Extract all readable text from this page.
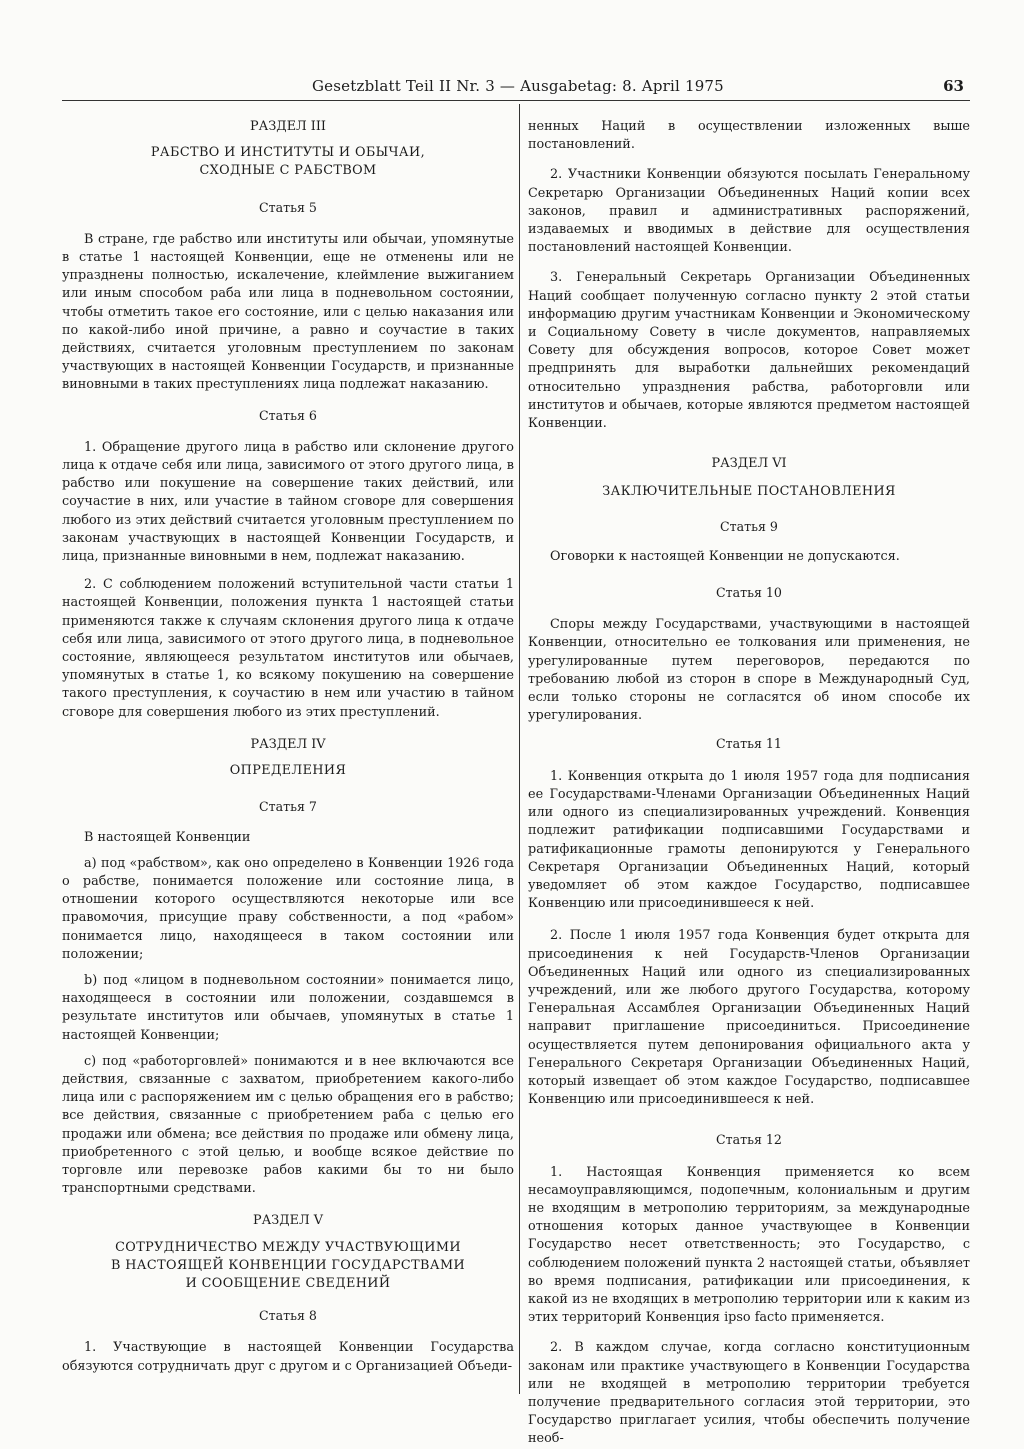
Gesetzblatt Teil II Nr. 3 — Ausgabetag: 8. April 1975	63

РАЗДЕЛ III

РАБСТВО И ИНСТИТУТЫ И ОБЫЧАИ,

СХОДНЫЕ С РАБСТВОМ

Статья 5

В стране, где рабство или институты или обычаи, упомянутые в статье 1 настоящей Конвенции, еще не отменены или не упразднены полностью, искалечение, клеймление выжиганием или иным способом раба или лица в подневольном состоянии, чтобы отметить такое его состояние, или с целью наказания или по какой-либо иной причине, а равно и соучастие в таких действиях, считается уголовным преступлением по законам участвующих в настоящей Конвенции Государств, и признанные виновными в таких преступлениях лица подлежат наказанию.

Статья 6

1. Обращение другого лица в рабство или склонение другого лица к отдаче себя или лица, зависимого от этого другого лица, в рабство или покушение на совершение таких действий, или соучастие в них, или участие в тайном сговоре для совершения любого из этих действий считается уголовным преступлением по законам участвующих в настоящей Конвенции Государств, и лица, признанные виновными в нем, подлежат наказанию.

2. С соблюдением положений вступительной части статьи 1 настоящей Конвенции, положения пункта 1 настоящей статьи применяются также к случаям склонения другого лица к отдаче себя или лица, зависимого от этого другого лица, в подневольное состояние, являющееся результатом институтов или обычаев, упомянутых в статье 1, ко всякому покушению на совершение такого преступления, к соучастию в нем или участию в тайном сговоре для совершения любого из этих преступлений.

РАЗДЕЛ IV

ОПРЕДЕЛЕНИЯ

Статья 7

В настоящей Конвенции

a) под «рабством», как оно определено в Конвенции 1926 года о рабстве, понимается положение или состояние лица, в отношении которого осуществляются некоторые или все правомочия, присущие праву собственности, а под «рабом» понимается лицо, находящееся в таком состоянии или положении;

b) под «лицом в подневольном состоянии» понимается лицо, находящееся в состоянии или положении, создавшемся в результате институтов или обычаев, упомянутых в статье 1 настоящей Конвенции;

c) под «работорговлей» понимаются и в нее включаются все действия, связанные с захватом, приобретением какого-либо лица или с распоряжением им с целью обращения его в рабство; все действия, связанные с приобретением раба с целью его продажи или обмена; все действия по продаже или обмену лица, приобретенного с этой целью, и вообще всякое действие по торговле или перевозке рабов какими бы то ни было транспортными средствами.

РАЗДЕЛ V

СОТРУДНИЧЕСТВО МЕЖДУ УЧАСТВУЮЩИМИ

В НАСТОЯЩЕЙ КОНВЕНЦИИ ГОСУДАРСТВАМИ

И СООБЩЕНИЕ СВЕДЕНИЙ

Статья 8

1. Участвующие в настоящей Конвенции Государства обязуются сотрудничать друг с другом и с Организацией Объеди-

ненных Наций в осуществлении изложенных выше постановлений.

2. Участники Конвенции обязуются посылать Генеральному Секретарю Организации Объединенных Наций копии всех законов, правил и административных распоряжений, издаваемых и вводимых в действие для осуществления постановлений настоящей Конвенции.

3. Генеральный Секретарь Организации Объединенных Наций сообщает полученную согласно пункту 2 этой статьи информацию другим участникам Конвенции и Экономическому и Социальному Совету в числе документов, направляемых Совету для обсуждения вопросов, которое Совет может предпринять для выработки дальнейших рекомендаций относительно упразднения рабства, работорговли или институтов и обычаев, которые являются предметом настоящей Конвенции.

РАЗДЕЛ VI

ЗАКЛЮЧИТЕЛЬНЫЕ ПОСТАНОВЛЕНИЯ

Статья 9

Оговорки к настоящей Конвенции не допускаются.

Статья 10

Споры между Государствами, участвующими в настоящей Конвенции, относительно ее толкования или применения, не урегулированные путем переговоров, передаются по требованию любой из сторон в споре в Международный Суд, если только стороны не согласятся об ином способе их урегулирования.

Статья 11

1. Конвенция открыта до 1 июля 1957 года для подписания ее Государствами-Членами Организации Объединенных Наций или одного из специализированных учреждений. Конвенция подлежит ратификации подписавшими Государствами и ратификационные грамоты депонируются у Генерального Секретаря Организации Объединенных Наций, который уведомляет об этом каждое Государство, подписавшее Конвенцию или присоединившееся к ней.

2. После 1 июля 1957 года Конвенция будет открыта для присоединения к ней Государств-Членов Организации Объединенных Наций или одного из специализированных учреждений, или же любого другого Государства, которому Генеральная Ассамблея Организации Объединенных Наций направит приглашение присоединиться. Присоединение осуществляется путем депонирования официального акта у Генерального Секретаря Организации Объединенных Наций, который извещает об этом каждое Государство, подписавшее Конвенцию или присоединившееся к ней.

Статья 12

1. Настоящая Конвенция применяется ко всем несамоуправляющимся, подопечным, колониальным и другим не входящим в метрополию территориям, за международные отношения которых данное участвующее в Конвенции Государство несет ответственность; это Государство, с соблюдением положений пункта 2 настоящей статьи, объявляет во время подписания, ратификации или присоединения, к какой из не входящих в метрополию территории или к каким из этих территорий Конвенция ipso facto применяется.

2. В каждом случае, когда согласно конституционным законам или практике участвующего в Конвенции Государства или не входящей в метрополию территории требуется получение предварительного согласия этой территории, это Государство приглагает усилия, чтобы обеспечить получение необ-
